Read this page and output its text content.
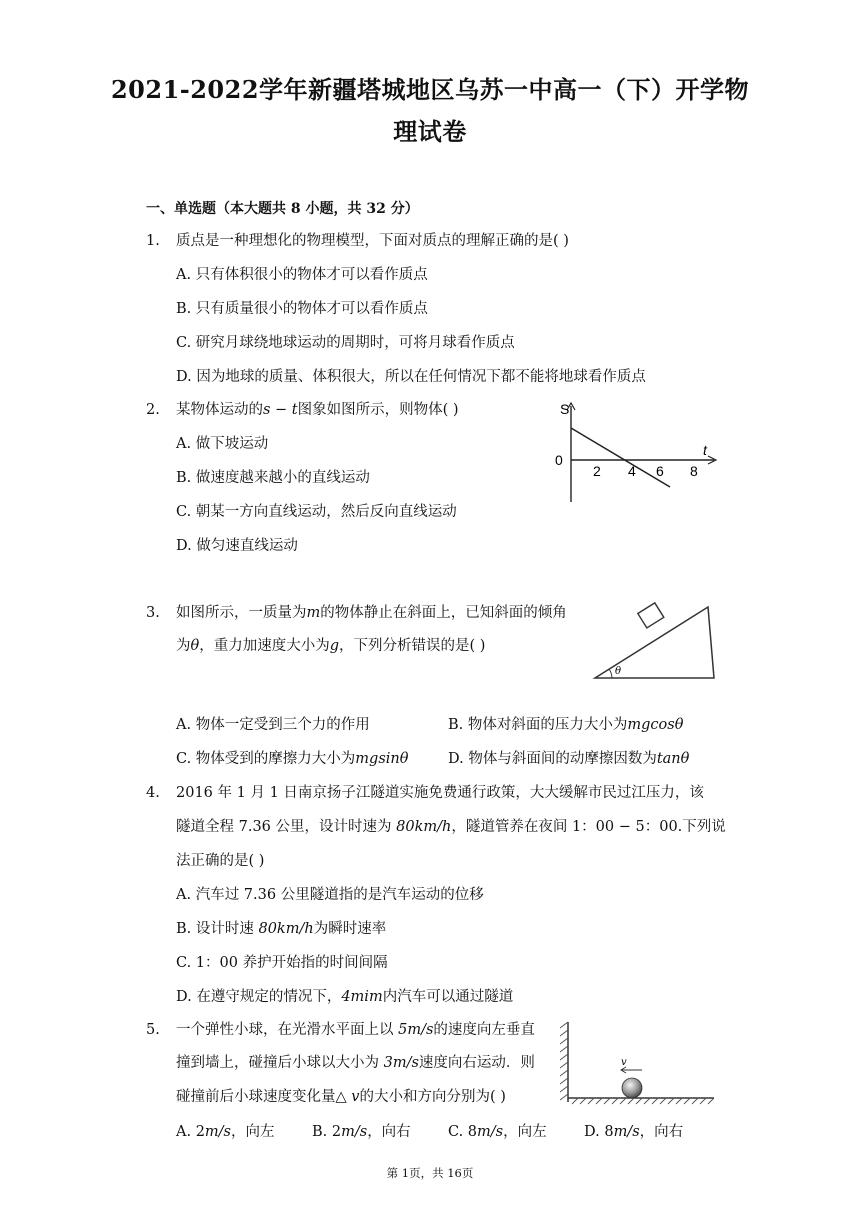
2021-2022学年新疆塔城地区乌苏一中高一（下）开学物
理试卷
一、单选题（本大题共 8 小题，共 32 分）
1. 质点是一种理想化的物理模型，下面对质点的理解正确的是( )
A. 只有体积很小的物体才可以看作质点
B. 只有质量很小的物体才可以看作质点
C. 研究月球绕地球运动的周期时，可将月球看作质点
D. 因为地球的质量、体积很大，所以在任何情况下都不能将地球看作质点
2. 某物体运动的s − t图象如图所示，则物体( )
A. 做下坡运动
B. 做速度越来越小的直线运动
C. 朝某一方向直线运动，然后反向直线运动
D. 做匀速直线运动
S
t
0
2 4 6 8
3. 如图所示，一质量为m的物体静止在斜面上，已知斜面的倾角
为θ，重力加速度大小为g，下列分析错误的是( )
θ
A. 物体一定受到三个力的作用	B. 物体对斜面的压力大小为mgcosθ
C. 物体受到的摩擦力大小为mgsinθ	D. 物体与斜面间的动摩擦因数为tanθ
4. 2016 年 1 月 1 日南京扬子江隧道实施免费通行政策，大大缓解市民过江压力，该
隧道全程 7.36 公里，设计时速为 80km/h，隧道管养在夜间 1：00 − 5：00.下列说
法正确的是( )
A. 汽车过 7.36 公里隧道指的是汽车运动的位移
B. 设计时速 80km/h为瞬时速率
C. 1：00 养护开始指的时间间隔
D. 在遵守规定的情况下，4mim内汽车可以通过隧道
5. 一个弹性小球，在光滑水平面上以 5m/s的速度向左垂直
撞到墙上，碰撞后小球以大小为 3m/s速度向右运动．则
碰撞前后小球速度变化量△ v的大小和方向分别为( )
v
A. 2m/s，向左	B. 2m/s，向右	C. 8m/s，向左	D. 8m/s，向右
第 1页，共 16页
